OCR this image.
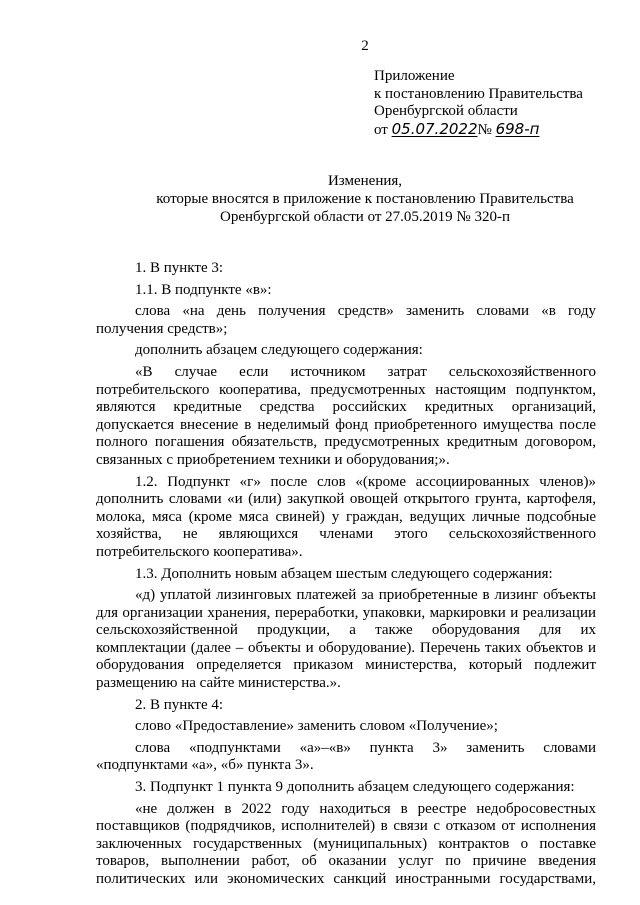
2
Приложение
к постановлению Правительства
Оренбургской области
от 05.07.2022№ 698-п
Изменения,
которые вносятся в приложение к постановлению Правительства
Оренбургской области от 27.05.2019 № 320-п

1. В пункте 3:

1.1. В подпункте «в»:

слова «на день получения средств» заменить словами «в году получения средств»;

дополнить абзацем следующего содержания:

«В случае если источником затрат сельскохозяйственного потребительского кооператива, предусмотренных настоящим подпунктом, являются кредитные средства российских кредитных организаций, допускается внесение в неделимый фонд приобретенного имущества после полного погашения обязательств, предусмотренных кредитным договором, связанных с приобретением техники и оборудования;».

1.2. Подпункт «г» после слов «(кроме ассоциированных членов)» дополнить словами «и (или) закупкой овощей открытого грунта, картофеля, молока, мяса (кроме мяса свиней) у граждан, ведущих личные подсобные хозяйства, не являющихся членами этого сельскохозяйственного потребительского кооператива».

1.3. Дополнить новым абзацем шестым следующего содержания:

«д) уплатой лизинговых платежей за приобретенные в лизинг объекты для организации хранения, переработки, упаковки, маркировки и реализации сельскохозяйственной продукции, а также оборудования для их комплектации (далее – объекты и оборудование). Перечень таких объектов и оборудования определяется приказом министерства, который подлежит размещению на сайте министерства.».

2. В пункте 4:

слово «Предоставление» заменить словом «Получение»;

слова «подпунктами «а»–«в» пункта 3» заменить словами «подпунктами «а», «б» пункта 3».

3. Подпункт 1 пункта 9 дополнить абзацем следующего содержания:

«не должен в 2022 году находиться в реестре недобросовестных поставщиков (подрядчиков, исполнителей) в связи с отказом от исполнения заключенных государственных (муниципальных) контрактов о поставке товаров, выполнении работ, об оказании услуг по причине введения политических или экономических санкций иностранными государствами,
